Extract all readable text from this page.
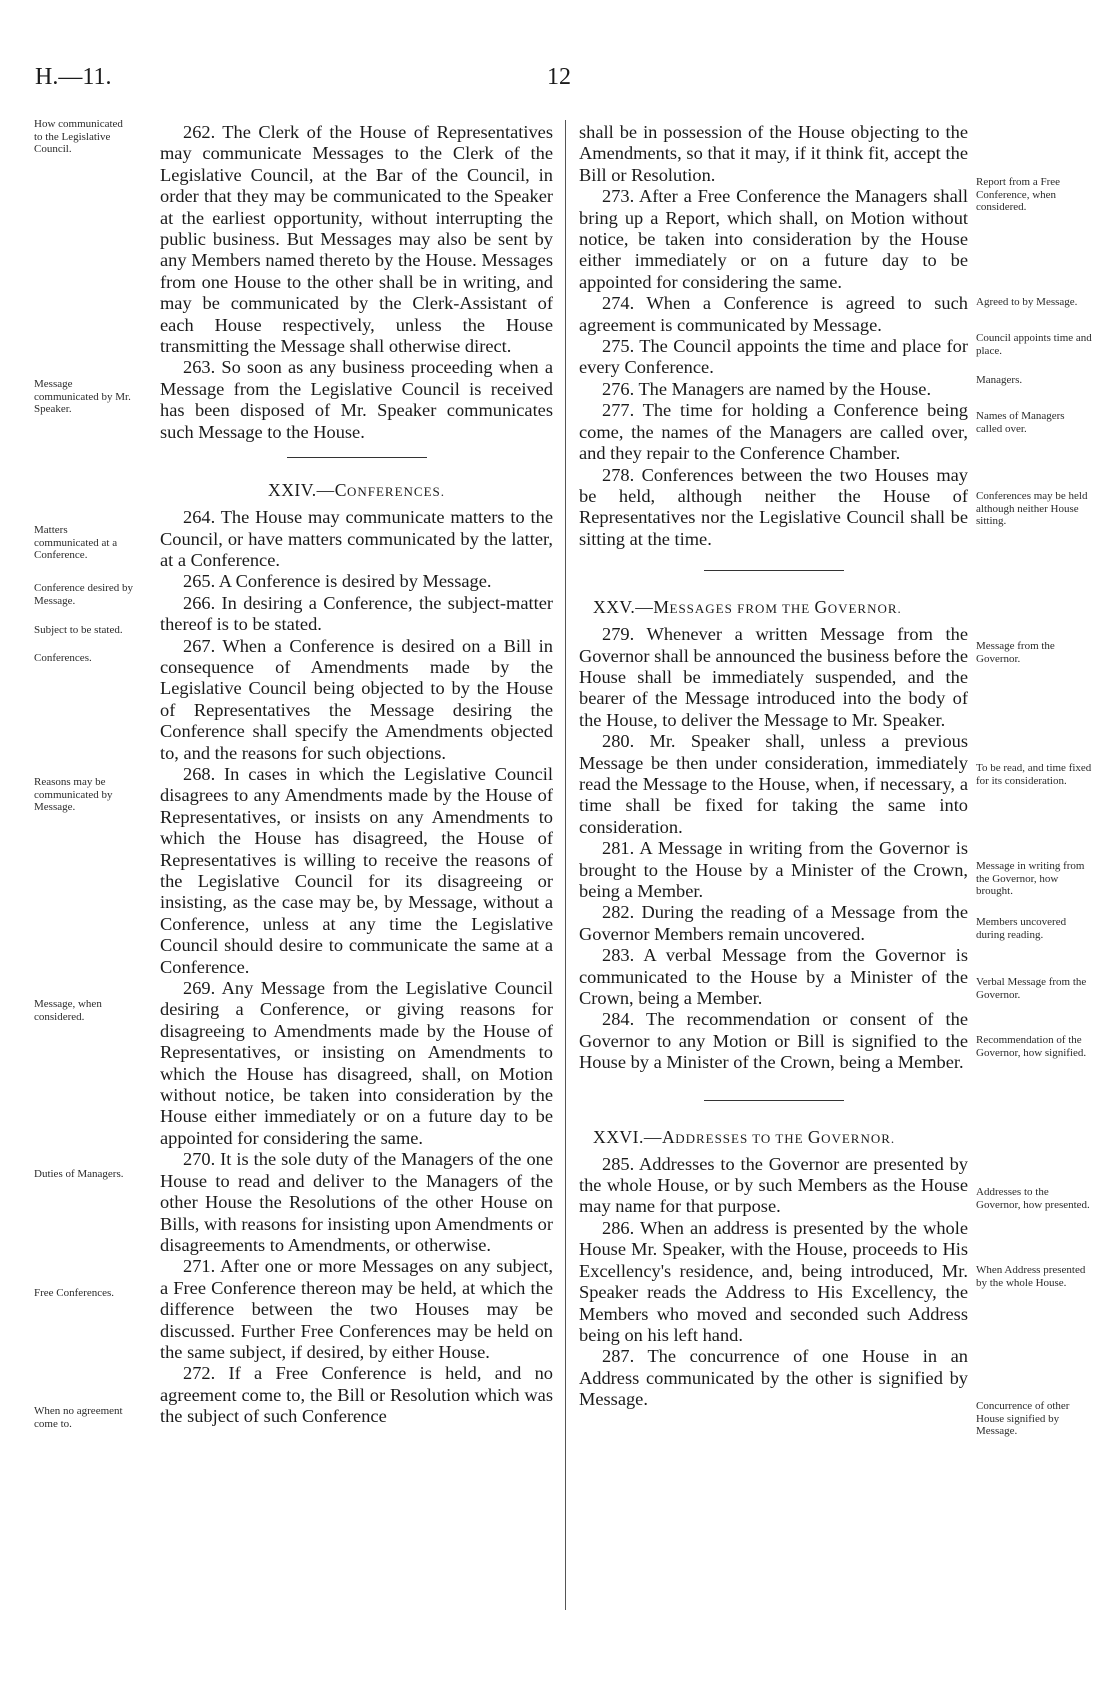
H.—11.	12
How communicated to the Legislative Council.
Message communicated by Mr. Speaker.
Matters communicated at a Conference.
Conference desired by Message.
Subject to be stated.
Conferences.
Reasons may be communicated by Message.
Message, when considered.
Duties of Managers.
Free Conferences.
When no agreement come to.
Report from a Free Conference, when considered.
Agreed to by Message.
Council appoints time and place.
Managers.
Names of Managers called over.
Conferences may be held although neither House sitting.
Message from the Governor.
To be read, and time fixed for its consideration.
Message in writing from the Governor, how brought.
Members uncovered during reading.
Verbal Message from the Governor.
Recommendation of the Governor, how signified.
Addresses to the Governor, how presented.
When Address presented by the whole House.
Concurrence of other House signified by Message.

262. The Clerk of the House of Representatives may communicate Messages to the Clerk of the Legislative Council, at the Bar of the Council, in order that they may be communicated to the Speaker at the earliest opportunity, without interrupting the public business. But Messages may also be sent by any Members named thereto by the House. Messages from one House to the other shall be in writing, and may be communicated by the Clerk-Assistant of each House respectively, unless the House transmitting the Message shall otherwise direct.

263. So soon as any business proceeding when a Message from the Legislative Council is received has been disposed of Mr. Speaker communicates such Message to the House.

XXIV.—CONFERENCES.

264. The House may communicate matters to the Council, or have matters communicated by the latter, at a Conference.

265. A Conference is desired by Message.

266. In desiring a Conference, the subject-matter thereof is to be stated.

267. When a Conference is desired on a Bill in consequence of Amendments made by the Legislative Council being objected to by the House of Representatives the Message desiring the Conference shall specify the Amendments objected to, and the reasons for such objections.

268. In cases in which the Legislative Council disagrees to any Amendments made by the House of Representatives, or insists on any Amendments to which the House has disagreed, the House of Representatives is willing to receive the reasons of the Legislative Council for its disagreeing or insisting, as the case may be, by Message, without a Conference, unless at any time the Legislative Council should desire to communicate the same at a Conference.

269. Any Message from the Legislative Council desiring a Conference, or giving reasons for disagreeing to Amendments made by the House of Representatives, or insisting on Amendments to which the House has disagreed, shall, on Motion without notice, be taken into consideration by the House either immediately or on a future day to be appointed for considering the same.

270. It is the sole duty of the Managers of the one House to read and deliver to the Managers of the other House the Resolutions of the other House on Bills, with reasons for insisting upon Amendments or disagreements to Amendments, or otherwise.

271. After one or more Messages on any subject, a Free Conference thereon may be held, at which the difference between the two Houses may be discussed. Further Free Conferences may be held on the same subject, if desired, by either House.

272. If a Free Conference is held, and no agreement come to, the Bill or Resolution which was the subject of such Conference

shall be in possession of the House objecting to the Amendments, so that it may, if it think fit, accept the Bill or Resolution.

273. After a Free Conference the Managers shall bring up a Report, which shall, on Motion without notice, be taken into consideration by the House either immediately or on a future day to be appointed for considering the same.

274. When a Conference is agreed to such agreement is communicated by Message.

275. The Council appoints the time and place for every Conference.

276. The Managers are named by the House.

277. The time for holding a Conference being come, the names of the Managers are called over, and they repair to the Conference Chamber.

278. Conferences between the two Houses may be held, although neither the House of Representatives nor the Legislative Council shall be sitting at the time.

XXV.—MESSAGES FROM THE GOVERNOR.

279. Whenever a written Message from the Governor shall be announced the business before the House shall be immediately suspended, and the bearer of the Message introduced into the body of the House, to deliver the Message to Mr. Speaker.

280. Mr. Speaker shall, unless a previous Message be then under consideration, immediately read the Message to the House, when, if necessary, a time shall be fixed for taking the same into consideration.

281. A Message in writing from the Governor is brought to the House by a Minister of the Crown, being a Member.

282. During the reading of a Message from the Governor Members remain uncovered.

283. A verbal Message from the Governor is communicated to the House by a Minister of the Crown, being a Member.

284. The recommendation or consent of the Governor to any Motion or Bill is signified to the House by a Minister of the Crown, being a Member.

XXVI.—ADDRESSES TO THE GOVERNOR.

285. Addresses to the Governor are presented by the whole House, or by such Members as the House may name for that purpose.

286. When an address is presented by the whole House Mr. Speaker, with the House, proceeds to His Excellency's residence, and, being introduced, Mr. Speaker reads the Address to His Excellency, the Members who moved and seconded such Address being on his left hand.

287. The concurrence of one House in an Address communicated by the other is signified by Message.
